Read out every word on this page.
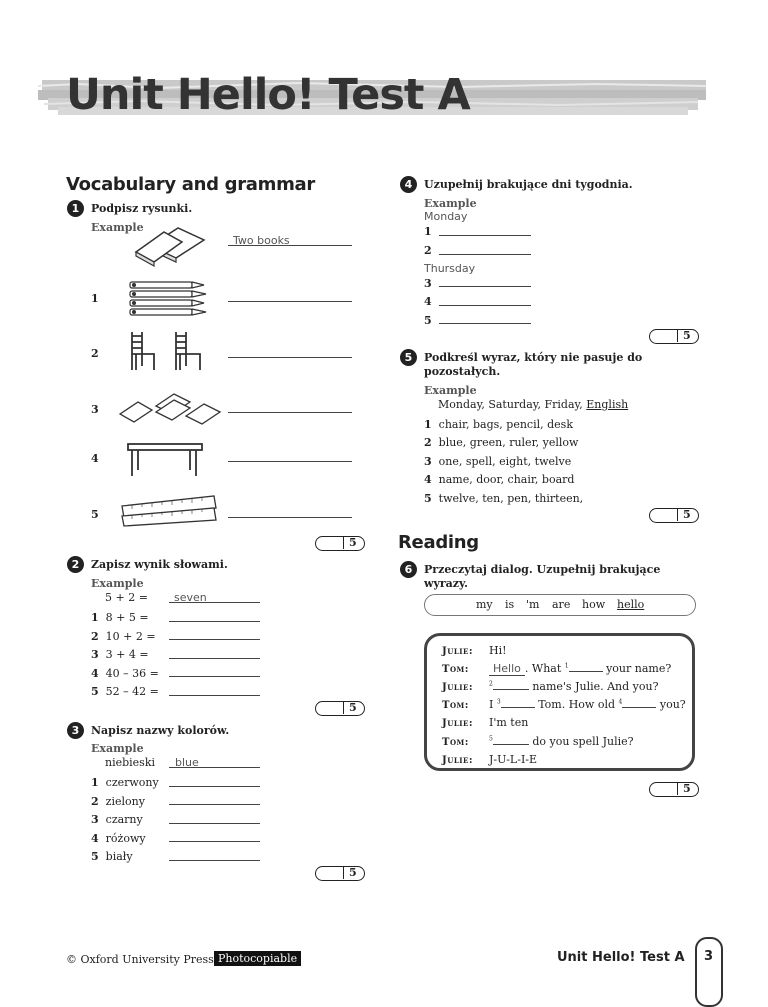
Unit Hello! Test A
Vocabulary and grammar
1	Podpisz rysunki.
Example
Two books
1
2
3
4
5
5
2	Zapisz wynik słowami.
Example
5 + 2 = seven
1 8 + 5 =
2 10 + 2 =
3 3 + 4 =
4 40 – 36 =
5 52 – 42 =
5
3	Napisz nazwy kolorów.
Example
niebieski blue
1 czerwony
2 zielony
3 czarny
4 różowy
5 biały
5
4	Uzupełnij brakujące dni tygodnia.
Example
Monday
1
2
Thursday
3
4
5
5
5	Podkreśl wyraz, który nie pasuje do
pozostałych.
Example
Monday, Saturday, Friday, English
1 chair, bags, pencil, desk
2 blue, green, ruler, yellow
3 one, spell, eight, twelve
4 name, door, chair, board
5 twelve, ten, pen, thirteen,
5
Reading
6	Przeczytaj dialog. Uzupełnij brakujące
wyrazy.
my is 'm are how hello
Julie: Hi!
Tom:	Hello . What $^1$	your name?
Julie:	$^2$	name's Julie. And you?
Tom: I $^3$	Tom. How old $^4$	you?
Julie: I'm ten
Tom:	$^5$	do you spell Julie?
Julie: J-U-L-I-E
5
© Oxford University Press Photocopiable	Unit Hello! Test A 3
